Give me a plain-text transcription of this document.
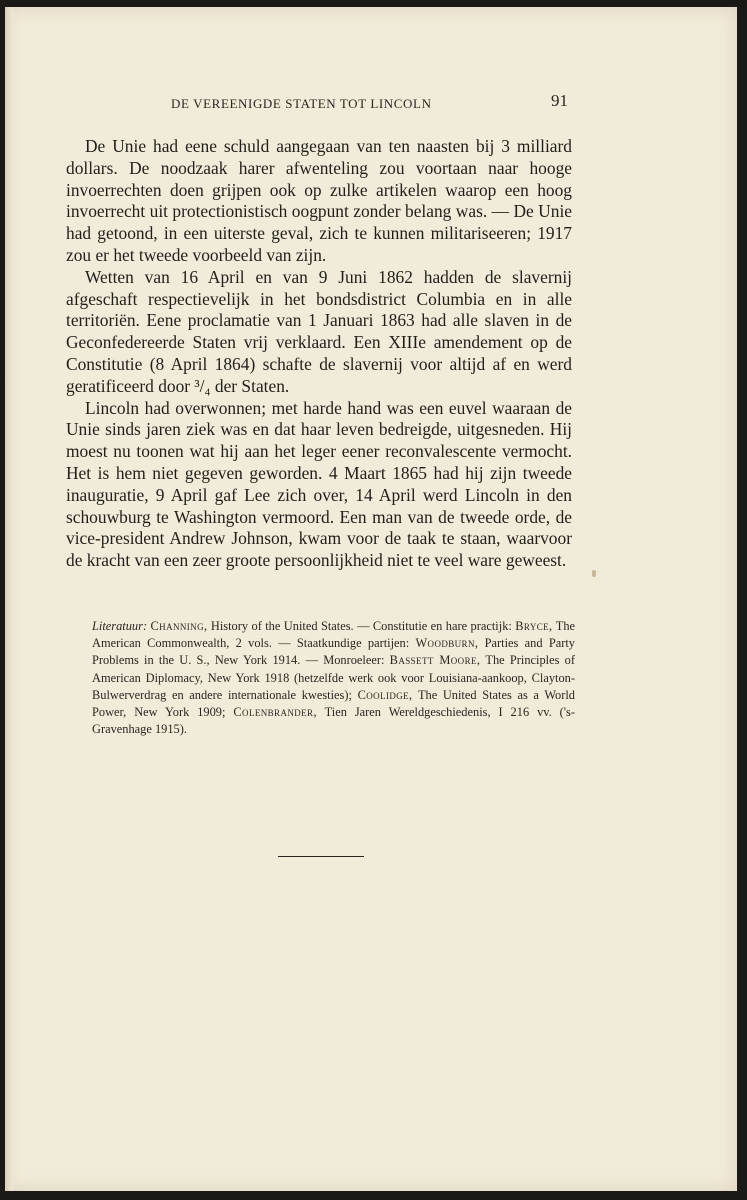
DE VEREENIGDE STATEN TOT LINCOLN	91

De Unie had eene schuld aangegaan van ten naasten bij 3 milliard dollars. De noodzaak harer afwenteling zou voortaan naar hooge invoerrechten doen grijpen ook op zulke artikelen waarop een hoog invoerrecht uit protectionistisch oogpunt zonder belang was. — De Unie had getoond, in een uiterste geval, zich te kunnen militariseeren; 1917 zou er het tweede voorbeeld van zijn.

Wetten van 16 April en van 9 Juni 1862 hadden de slavernij afgeschaft respectievelijk in het bondsdistrict Columbia en in alle territoriën. Eene proclamatie van 1 Januari 1863 had alle slaven in de Geconfedereerde Staten vrij verklaard. Een XIIIe amendement op de Constitutie (8 April 1864) schafte de slavernij voor altijd af en werd geratificeerd door ³/₄ der Staten.

Lincoln had overwonnen; met harde hand was een euvel waaraan de Unie sinds jaren ziek was en dat haar leven bedreigde, uitgesneden. Hij moest nu toonen wat hij aan het leger eener reconvalescente vermocht. Het is hem niet gegeven geworden. 4 Maart 1865 had hij zijn tweede inauguratie, 9 April gaf Lee zich over, 14 April werd Lincoln in den schouwburg te Washington vermoord. Een man van de tweede orde, de vice-president Andrew Johnson, kwam voor de taak te staan, waarvoor de kracht van een zeer groote persoonlijkheid niet te veel ware geweest.

Literatuur: Channing, History of the United States. — Constitutie en hare practijk: Bryce, The American Commonwealth, 2 vols. — Staatkundige partijen: Woodburn, Parties and Party Problems in the U. S., New York 1914. — Monroeleer: Bassett Moore, The Principles of American Diplomacy, New York 1918 (hetzelfde werk ook voor Louisiana-aankoop, Clayton-Bulwerverdrag en andere internationale kwesties); Coolidge, The United States as a World Power, New York 1909; Colenbrander, Tien Jaren Wereldgeschiedenis, I 216 vv. ('s-Gravenhage 1915).
